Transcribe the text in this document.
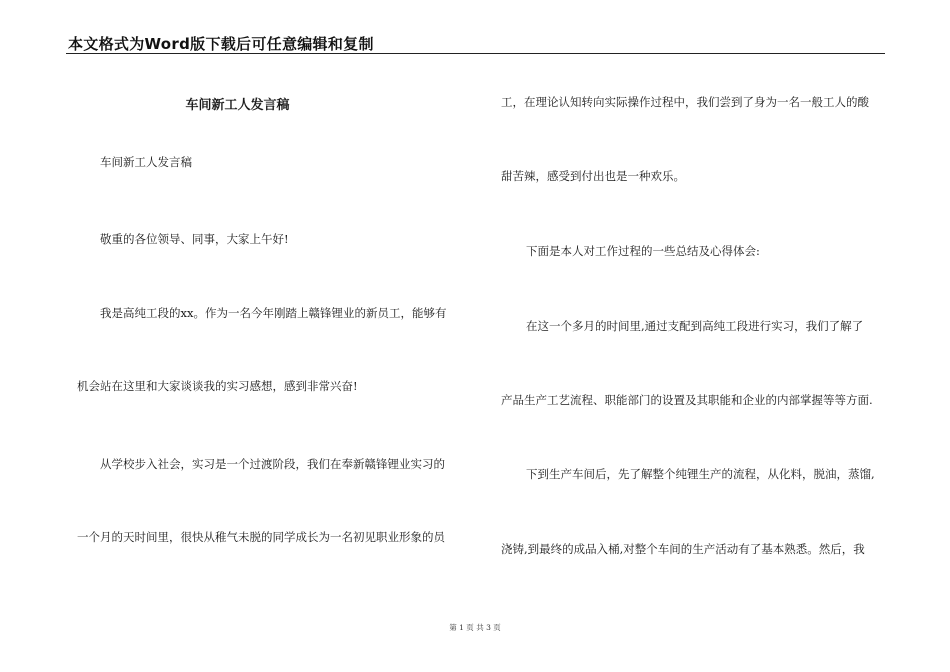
本文格式为Word版下载后可任意编辑和复制
车间新工人发言稿
车间新工人发言稿
敬重的各位领导、同事，大家上午好!
我是高纯工段的xx。作为一名今年刚踏上赣锋锂业的新员工，能够有
机会站在这里和大家谈谈我的实习感想，感到非常兴奋!
从学校步入社会，实习是一个过渡阶段，我们在奉新赣锋锂业实习的
一个月的天时间里，很快从稚气未脱的同学成长为一名初见职业形象的员
工，在理论认知转向实际操作过程中，我们尝到了身为一名一般工人的酸
甜苦辣，感受到付出也是一种欢乐。
下面是本人对工作过程的一些总结及心得体会:
在这一个多月的时间里,通过支配到高纯工段进行实习，我们了解了
产品生产工艺流程、职能部门的设置及其职能和企业的内部掌握等等方面.
下到生产车间后，先了解整个纯锂生产的流程，从化料，脱油，蒸馏,
浇铸,到最终的成品入桶,对整个车间的生产活动有了基本熟悉。然后，我
第 1 页 共 3 页
